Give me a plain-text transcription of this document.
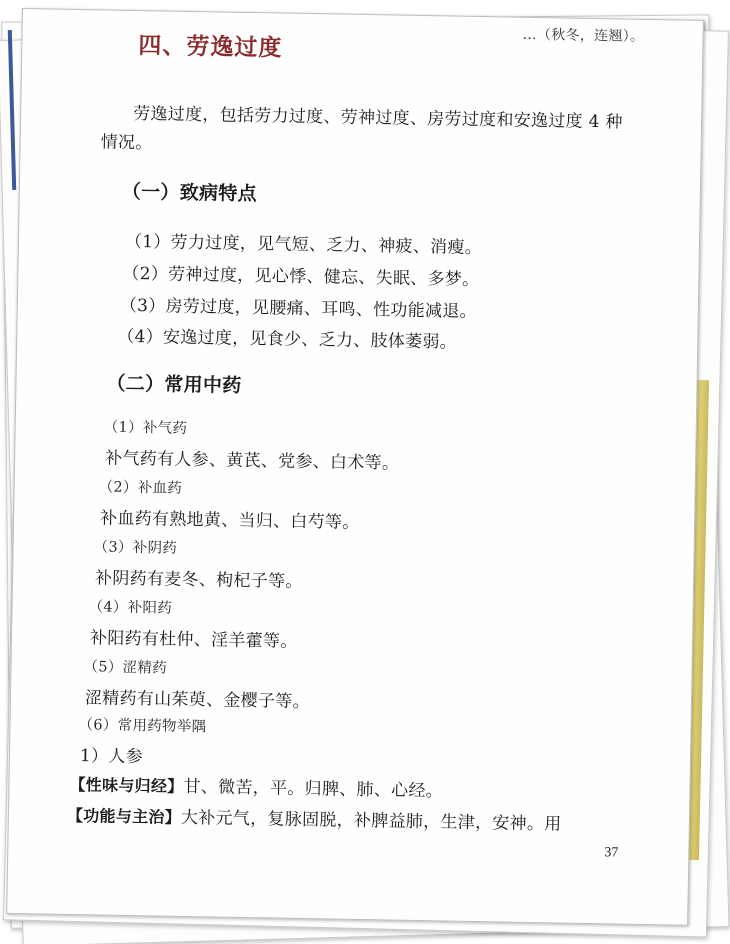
…（秋冬，连翘）。
四、劳逸过度
劳逸过度，包括劳力过度、劳神过度、房劳过度和安逸过度 4 种
情况。
（一）致病特点
（1）劳力过度，见气短、乏力、神疲、消瘦。
（2）劳神过度，见心悸、健忘、失眠、多梦。
（3）房劳过度，见腰痛、耳鸣、性功能减退。
（4）安逸过度，见食少、乏力、肢体萎弱。
（二）常用中药
（1）补气药
补气药有人参、黄芪、党参、白术等。
（2）补血药
补血药有熟地黄、当归、白芍等。
（3）补阴药
补阴药有麦冬、枸杞子等。
（4）补阳药
补阳药有杜仲、淫羊藿等。
（5）涩精药
涩精药有山茱萸、金樱子等。
（6）常用药物举隅
1）人参
【性味与归经】甘、微苦，平。归脾、肺、心经。
【功能与主治】大补元气，复脉固脱，补脾益肺，生津，安神。用
37
